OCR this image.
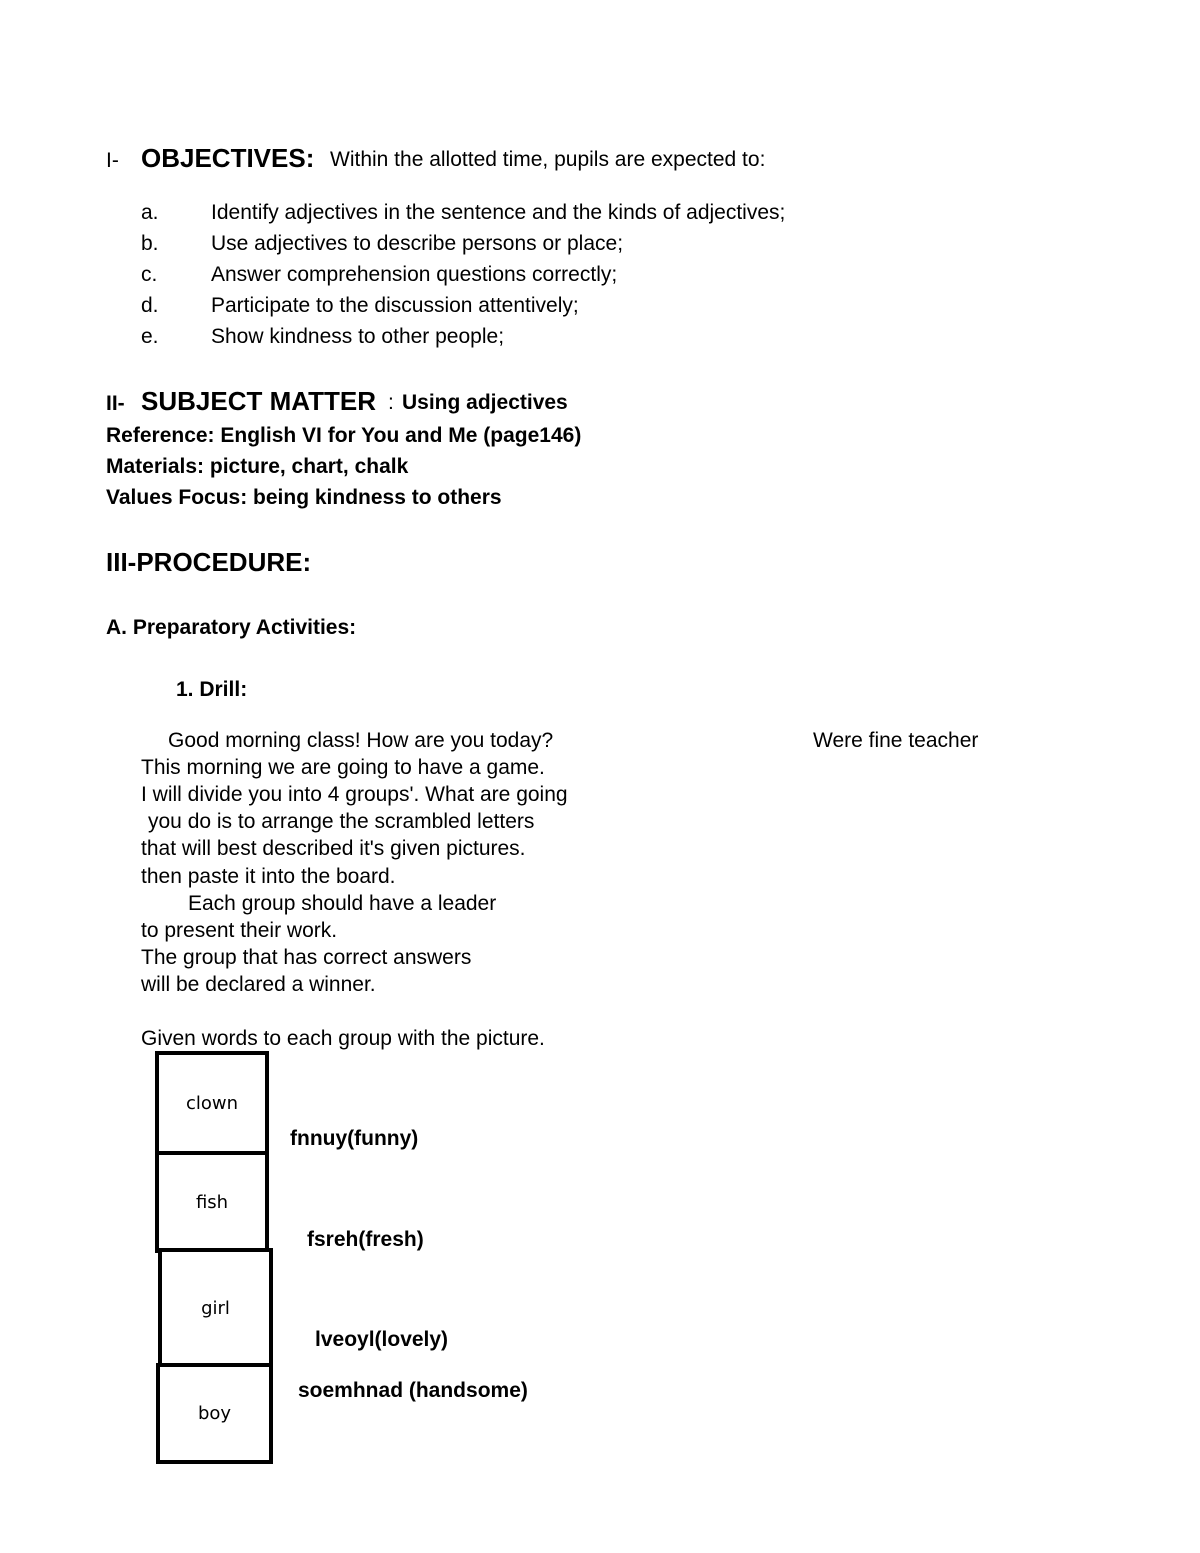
I- OBJECTIVES: Within the allotted time, pupils are expected to:
a. Identify adjectives in the sentence and the kinds of adjectives;
b. Use adjectives to describe persons or place;
c.	Answer comprehension questions correctly;
d. Participate to the discussion attentively;
e. Show kindness to other people;
II- SUBJECT MATTER : Using adjectives
Reference: English VI for You and Me (page146)
Materials: picture, chart, chalk
Values Focus: being kindness to others
III-PROCEDURE:
A. Preparatory Activities:
1. Drill:
Good morning class! How are you today?	Were fine teacher
This morning we are going to have a game.
I will divide you into 4 groups'. What are going
you do is to arrange the scrambled letters
that will best described it's given pictures.
then paste it into the board.
Each group should have a leader
to present their work.
The group that has correct answers
will be declared a winner.
Given words to each group with the picture.
clown
fish
girl
boy
fnnuy(funny)
fsreh(fresh)
lveoyl(lovely)
soemhnad (handsome)
